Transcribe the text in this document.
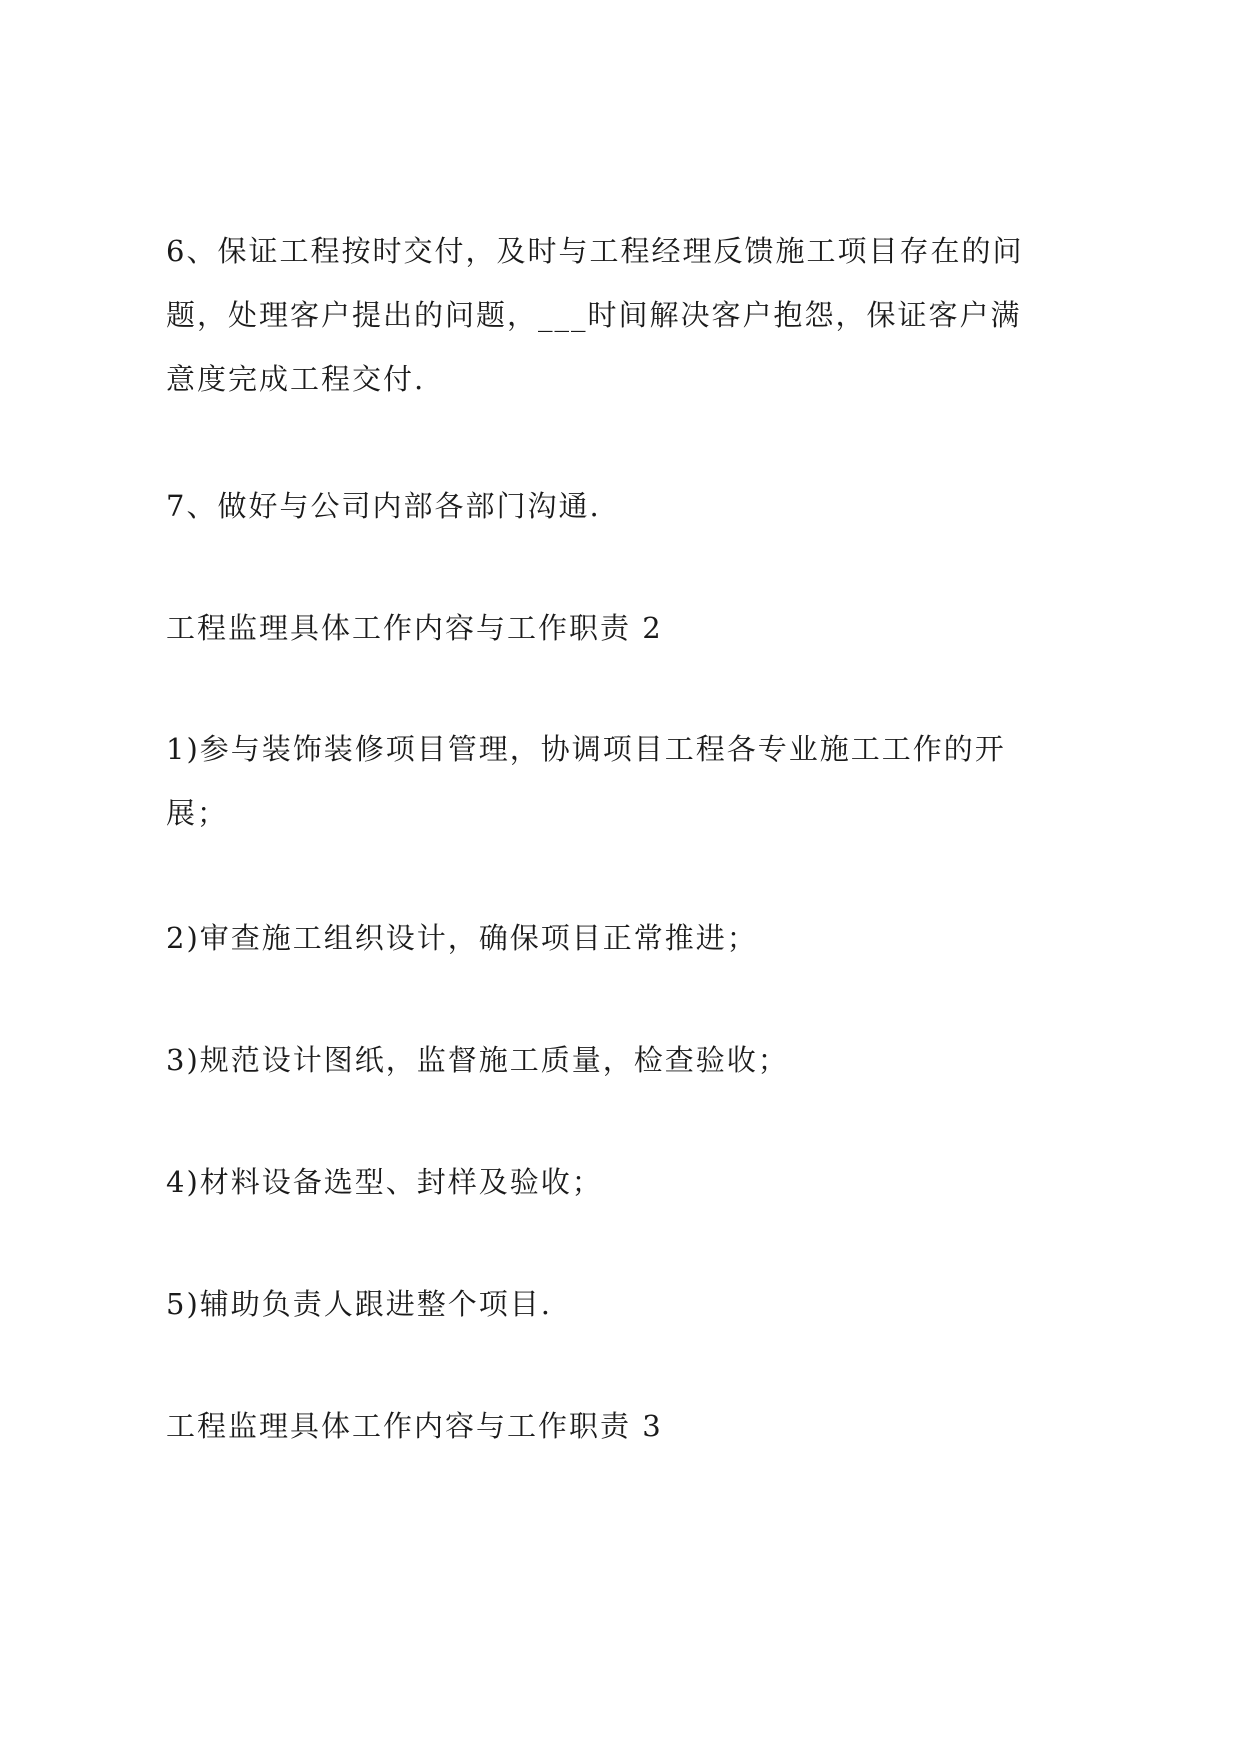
6、保证工程按时交付，及时与工程经理反馈施工项目存在的问
题，处理客户提出的问题，___时间解决客户抱怨，保证客户满
意度完成工程交付.

7、做好与公司内部各部门沟通.

工程监理具体工作内容与工作职责 2

1)参与装饰装修项目管理，协调项目工程各专业施工工作的开
展；

2)审查施工组织设计，确保项目正常推进；

3)规范设计图纸，监督施工质量，检查验收；

4)材料设备选型、封样及验收；

5)辅助负责人跟进整个项目.

工程监理具体工作内容与工作职责 3
